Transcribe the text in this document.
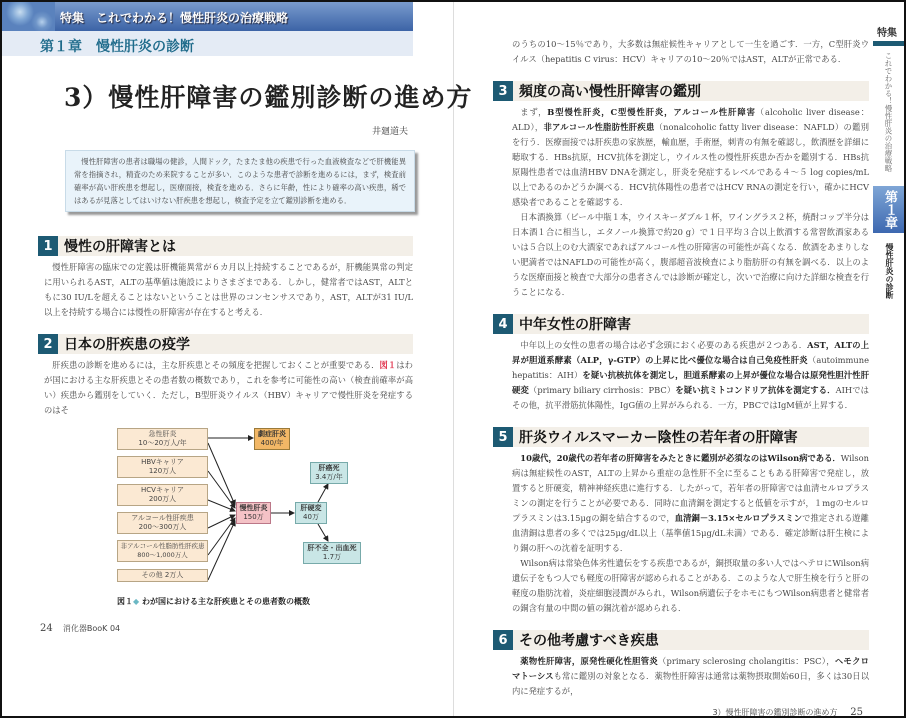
特集　これでわかる！慢性肝炎の治療戦略
第１章　慢性肝炎の診断
3）慢性肝障害の鑑別診断の進め方
井廻道夫
慢性肝障害の患者は職場の健診，人間ドック，たまたま他の疾患で行った血液検査などで肝機能異常を指摘され，精査のため来院することが多い．このような患者で診断を進めるには，まず，検査前確率が高い肝疾患を想起し，医療面接，検査を進める．さらに年齢，性により確率の高い疾患，稀ではあるが見落としてはいけない肝疾患を想起し，検査予定を立て鑑別診断を進める．
1 慢性の肝障害とは

慢性肝障害の臨床での定義は肝機能異常が６カ月以上持続することであるが，肝機能異常の判定に用いられるAST，ALTの基準値は施設によりさまざまである．しかし，健常者ではAST，ALTともに30 IU/Lを超えることはないということは世界のコンセンサスであり，AST，ALTが31 IU/L以上を持続する場合には慢性の肝障害が存在すると考える．

2 日本の肝疾患の疫学

肝疾患の診断を進めるには，主な肝疾患とその頻度を把握しておくことが重要である．図１はわが国における主な肝疾患とその患者数の概数であり，これを参考に可能性の高い（検査前確率が高い）疾患から鑑別をしていく．ただし，B型肝炎ウイルス（HBV）キャリアで慢性肝炎を発症するのはそ

急性肝炎
10～20万人/年
HBVキャリア
120万人
HCVキャリア
200万人
アルコール性肝疾患
200～300万人
非アルコール性脂肪性肝疾患
800～1,000万人
その他 2万人
劇症肝炎
400/年
慢性肝炎
150万
肝硬変
40万
肝癌死
3.4万/年
肝不全・出血死
1.7万
図１◆ わが国における主な肝疾患とその患者数の概数
24 消化器BooK 04

のうちの10～15％であり，大多数は無症候性キャリアとして一生を過ごす．一方，C型肝炎ウイルス（hepatitis C virus：HCV）キャリアの10～20％ではAST，ALTが正常である．

3 頻度の高い慢性肝障害の鑑別

まず，B型慢性肝炎，C型慢性肝炎，アルコール性肝障害（alcoholic liver disease：ALD），非アルコール性脂肪性肝疾患（nonalcoholic fatty liver disease：NAFLD）の鑑別を行う．医療面接では肝疾患の家族歴，輸血歴，手術歴，刺青の有無を確認し，飲酒歴を詳細に聴取する．HBs抗原，HCV抗体を測定し，ウイルス性の慢性肝疾患か否かを鑑別する．HBs抗原陽性患者では血清HBV DNAを測定し，肝炎を発症するレベルである４～５ log copies/mL以上であるのかどうか調べる．HCV抗体陽性の患者ではHCV RNAの測定を行い，確かにHCV感染者であることを確認する．

日本酒換算（ビール中瓶１本，ウイスキーダブル１杯，ワイングラス２杯，焼酎コップ半分は日本酒１合に相当し，エタノール換算で約20 g）で１日平均３合以上飲酒する常習飲酒家あるいは５合以上のむ大酒家であればアルコール性の肝障害の可能性が高くなる．飲酒をあまりしない肥満者ではNAFLDの可能性が高く，腹部超音波検査により脂肪肝の有無を調べる．以上のような医療面接と検査で大部分の患者さんでは診断が確定し，次いで治療に向けた詳細な検査を行うことになる．

4 中年女性の肝障害

中年以上の女性の患者の場合は必ず念頭におく必要のある疾患が２つある．AST，ALTの上昇が胆道系酵素（ALP，γ-GTP）の上昇に比べ優位な場合は自己免疫性肝炎（autoimmune hepatitis：AIH）を疑い抗核抗体を測定し，胆道系酵素の上昇が優位な場合は原発性胆汁性肝硬変（primary biliary cirrhosis：PBC）を疑い抗ミトコンドリア抗体を測定する．AIHではその他，抗平滑筋抗体陽性，IgG値の上昇がみられる．一方，PBCではIgM値が上昇する．

5 肝炎ウイルスマーカー陰性の若年者の肝障害

10歳代，20歳代の若年者の肝障害をみたときに鑑別が必須なのはWilson病である．Wilson病は無症候性のAST，ALTの上昇から重症の急性肝不全に至ることもある肝障害で発症し，放置すると肝硬変，精神神経疾患に進行する．したがって，若年者の肝障害では血清セルロプラスミンの測定を行うことが必要である．同時に血清銅を測定すると低値を示すが，１mgのセルロプラスミンは3.15μgの銅を結合するので，血清銅－3.15×セルロプラスミンで推定される遊離血清銅は患者の多くでは25μg/dL以上（基準値15μg/dL未満）である．確定診断は肝生検により銅の肝への沈着を証明する．

Wilson病は常染色体劣性遺伝をする疾患であるが，銅摂取量の多い人ではヘテロにWilson病遺伝子をもつ人でも軽度の肝障害が認められることがある．このような人で肝生検を行うと肝の軽度の脂肪沈着，炎症細胞浸潤がみられ，Wilson病遺伝子をホモにもつWilson病患者と健常者の銅含有量の中間の値の銅沈着が認められる．

6 その他考慮すべき疾患

薬物性肝障害，原発性硬化性胆管炎（primary sclerosing cholangitis：PSC），ヘモクロマトーシスも常に鑑別の対象となる．薬物性肝障害は通常は薬物摂取開始60日，多くは30日以内に発症するが，

3）慢性肝障害の鑑別診断の進め方 25
特集
これでわかる！慢性肝炎の治療戦略
第１章
慢性肝炎の診断
